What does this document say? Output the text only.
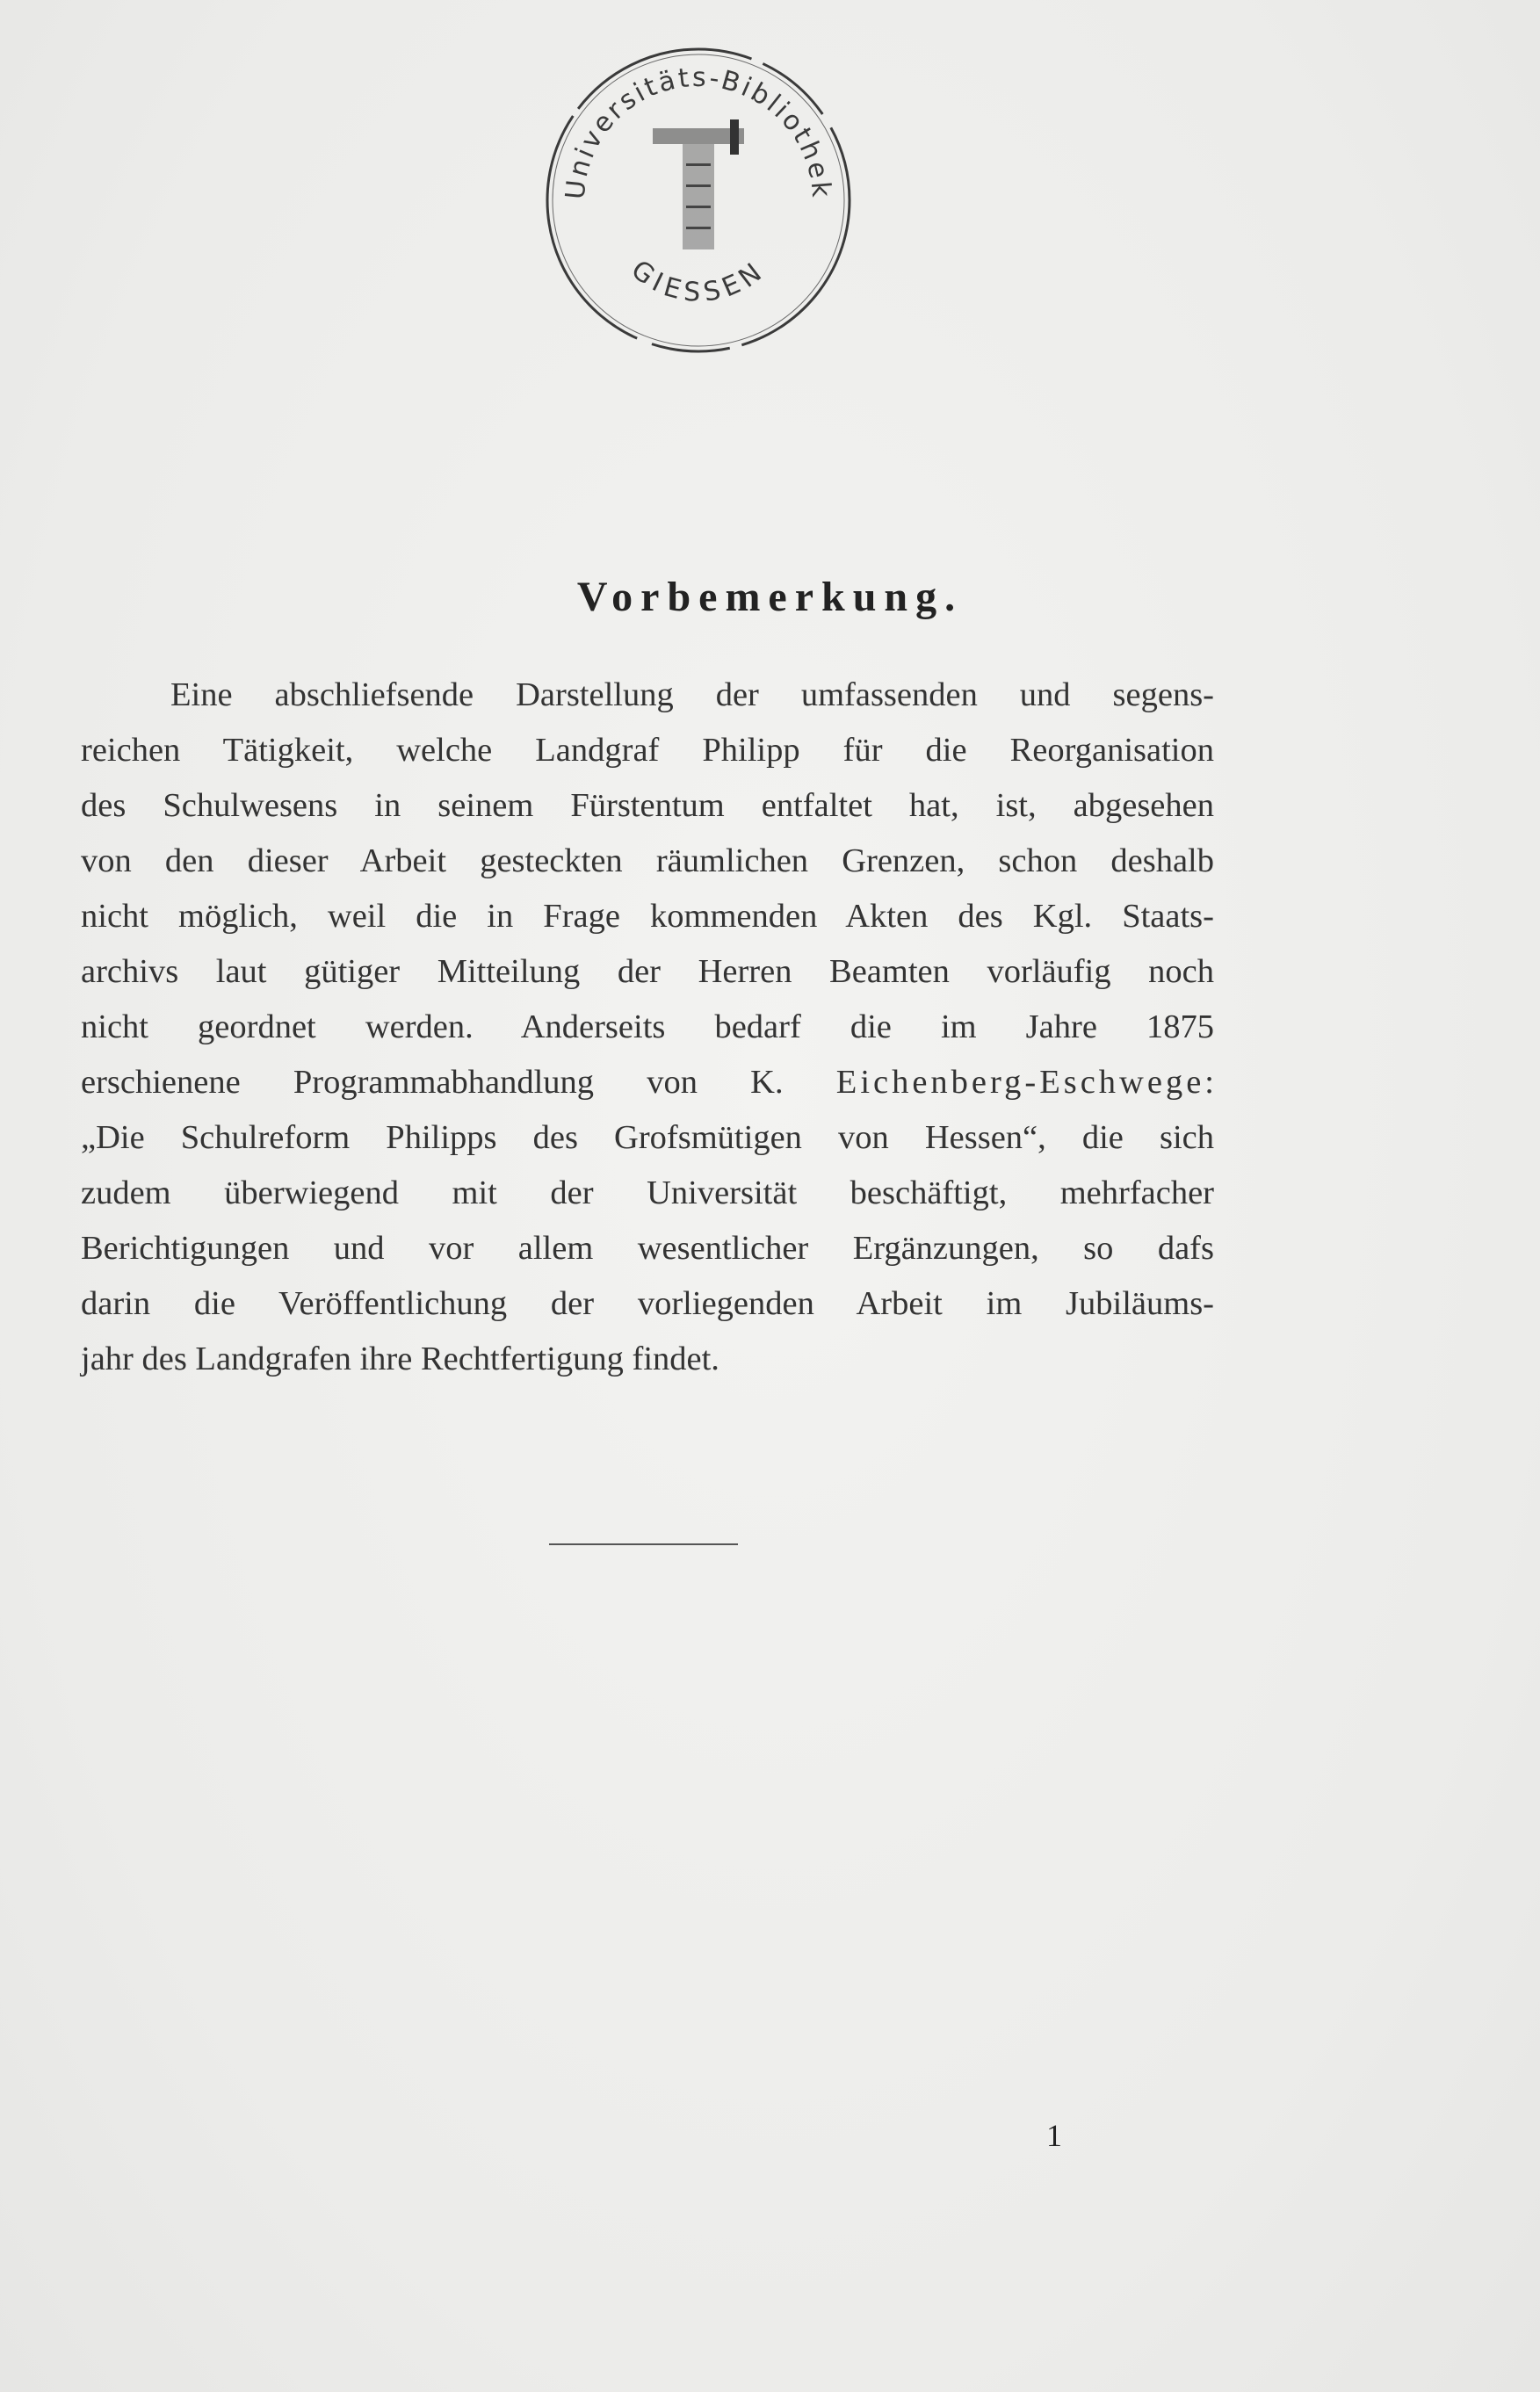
Universitäts-Bibliothek
GIESSEN
Vorbemerkung.
Eine abschliefsende Darstellung der umfassenden und segens-
reichen Tätigkeit, welche Landgraf Philipp für die Reorganisation
des Schulwesens in seinem Fürstentum entfaltet hat, ist, abgesehen
von den dieser Arbeit gesteckten räumlichen Grenzen, schon deshalb
nicht möglich, weil die in Frage kommenden Akten des Kgl. Staats-
archivs laut gütiger Mitteilung der Herren Beamten vorläufig noch
nicht geordnet werden. Anderseits bedarf die im Jahre 1875
erschienene Programmabhandlung von K. Eichenberg-Eschwege:
„Die Schulreform Philipps des Grofsmütigen von Hessen“, die sich
zudem überwiegend mit der Universität beschäftigt, mehrfacher
Berichtigungen und vor allem wesentlicher Ergänzungen, so dafs
darin die Veröffentlichung der vorliegenden Arbeit im Jubiläums-
jahr des Landgrafen ihre Rechtfertigung findet.
1
